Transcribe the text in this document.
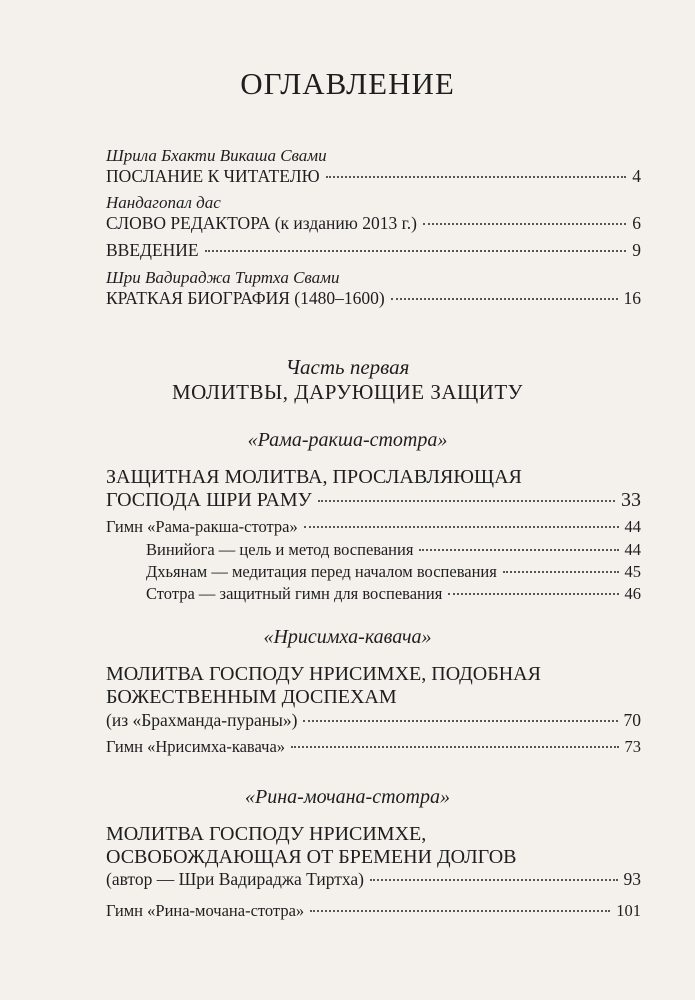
ОГЛАВЛЕНИЕ
Шрила Бхакти Викаша Свами
ПОСЛАНИЕ К ЧИТАТЕЛЮ	4
Нандагопал дас
СЛОВО РЕДАКТОРА (к изданию 2013 г.)	6
ВВЕДЕНИЕ	9
Шри Вадираджа Тиртха Свами
КРАТКАЯ БИОГРАФИЯ (1480–1600)	16
Часть первая
МОЛИТВЫ, ДАРУЮЩИЕ ЗАЩИТУ
«Рама-ракша-стотра»
ЗАЩИТНАЯ МОЛИТВА, ПРОСЛАВЛЯЮЩАЯ
ГОСПОДА ШРИ РАМУ	33
Гимн «Рама-ракша-стотра»	44
Винийога — цель и метод воспевания	44
Дхьянам — медитация перед началом воспевания	45
Стотра — защитный гимн для воспевания	46
«Нрисимха-кавача»
МОЛИТВА ГОСПОДУ НРИСИМХЕ, ПОДОБНАЯ
БОЖЕСТВЕННЫМ ДОСПЕХАМ
(из «Брахманда-пураны»)	70
Гимн «Нрисимха-кавача»	73
«Рина-мочана-стотра»
МОЛИТВА ГОСПОДУ НРИСИМХЕ,
ОСВОБОЖДАЮЩАЯ ОТ БРЕМЕНИ ДОЛГОВ
(автор — Шри Вадираджа Тиртха)	93
Гимн «Рина-мочана-стотра»	101
